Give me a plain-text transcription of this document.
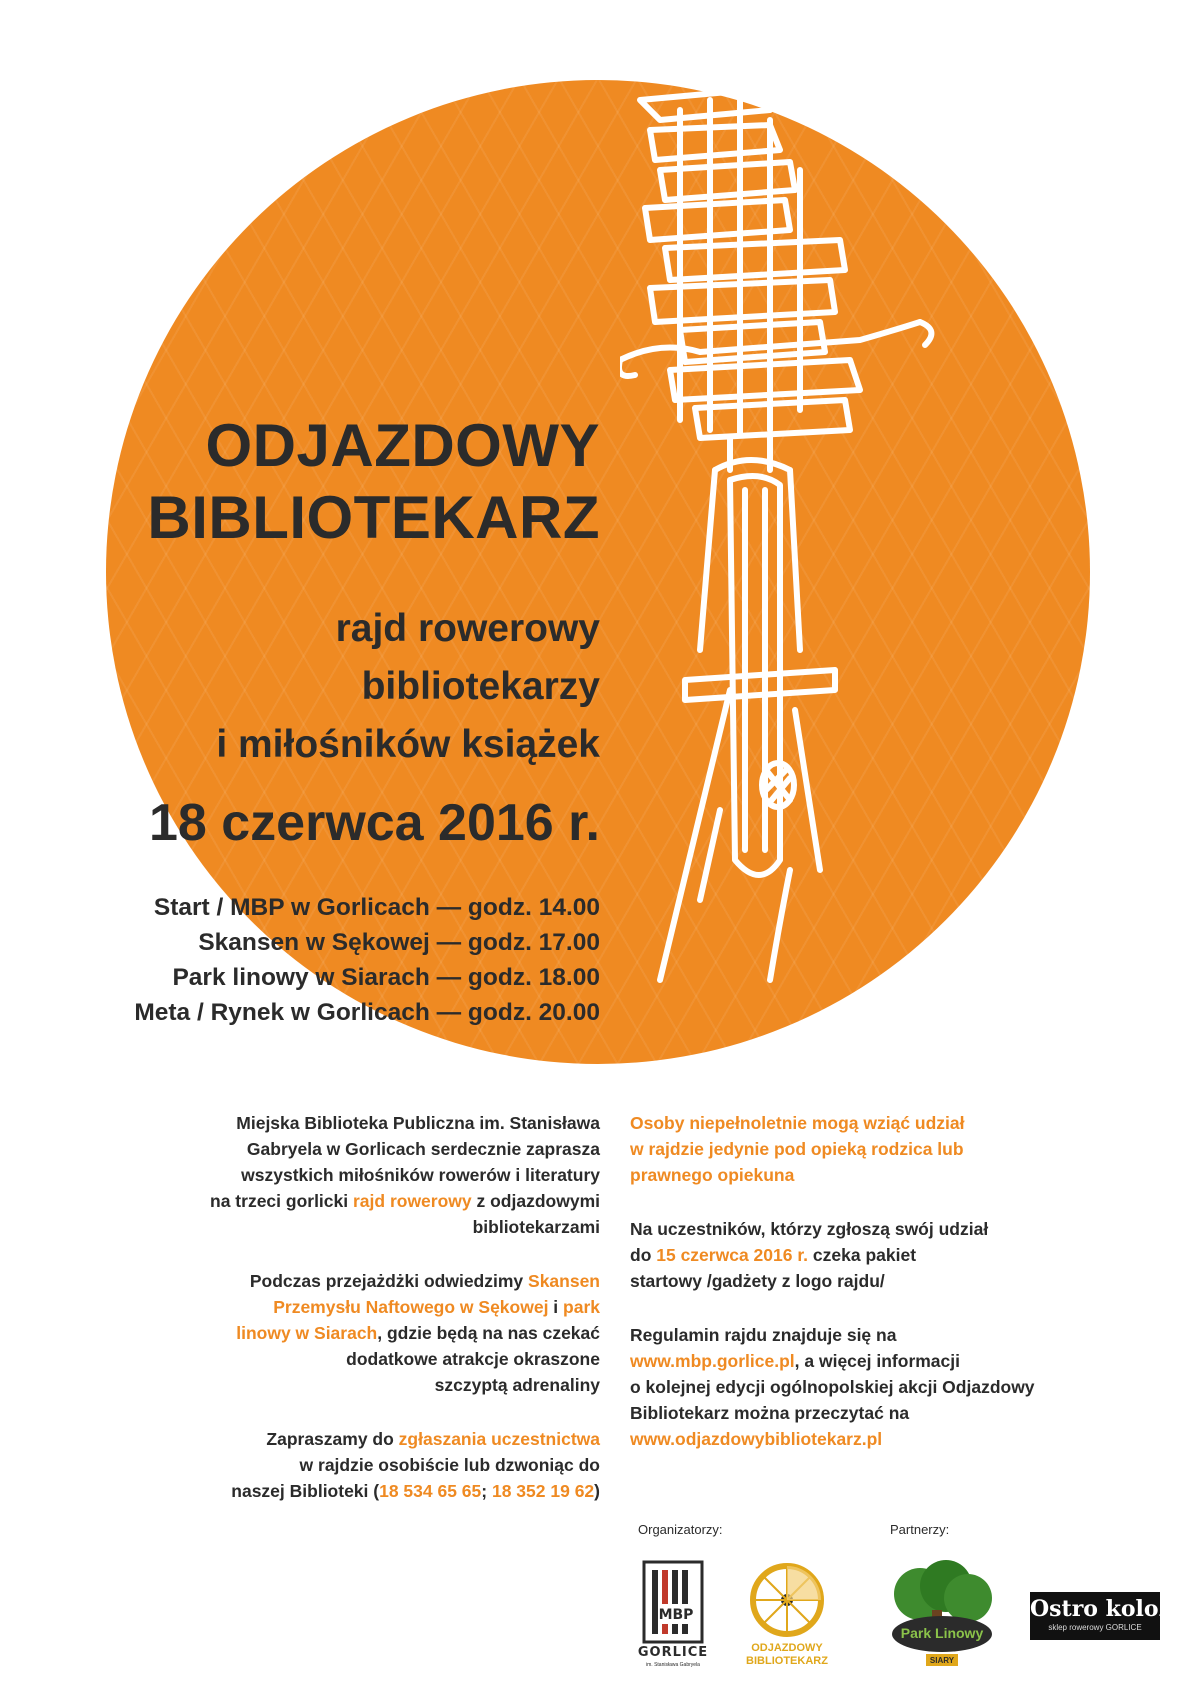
ODJAZDOWY
BIBLIOTEKARZ
rajd rowerowy
bibliotekarzy
i miłośników książek
18 czerwca 2016 r.
Start / MBP w Gorlicach — godz. 14.00
Skansen w Sękowej — godz. 17.00
Park linowy w Siarach — godz. 18.00
Meta / Rynek w Gorlicach — godz. 20.00
Miejska Biblioteka Publiczna im. Stanisława
Gabryela w Gorlicach serdecznie zaprasza
wszystkich miłośników rowerów i literatury
na trzeci gorlicki rajd rowerowy z odjazdowymi
bibliotekarzami
Podczas przejażdżki odwiedzimy Skansen
Przemysłu Naftowego w Sękowej i park
linowy w Siarach, gdzie będą na nas czekać
dodatkowe atrakcje okraszone
szczyptą adrenaliny
Zapraszamy do zgłaszania uczestnictwa
w rajdzie osobiście lub dzwoniąc do
naszej Biblioteki (18 534 65 65; 18 352 19 62)
Osoby niepełnoletnie mogą wziąć udział
w rajdzie jedynie pod opieką rodzica lub
prawnego opiekuna
Na uczestników, którzy zgłoszą swój udział
do 15 czerwca 2016 r. czeka pakiet
startowy /gadżety z logo rajdu/
Regulamin rajdu znajduje się na
www.mbp.gorlice.pl, a więcej informacji
o kolejnej edycji ogólnopolskiej akcji Odjazdowy
Bibliotekarz można przeczytać na
www.odjazdowybibliotekarz.pl
Organizatorzy:	Partnerzy:
MBP
GORLICE
im. Stanisława Gabryela
ODJAZDOWY
BIBLIOTEKARZ
Park Linowy
SIARY
Ostro kolo.com.pl
sklep rowerowy GORLICE
